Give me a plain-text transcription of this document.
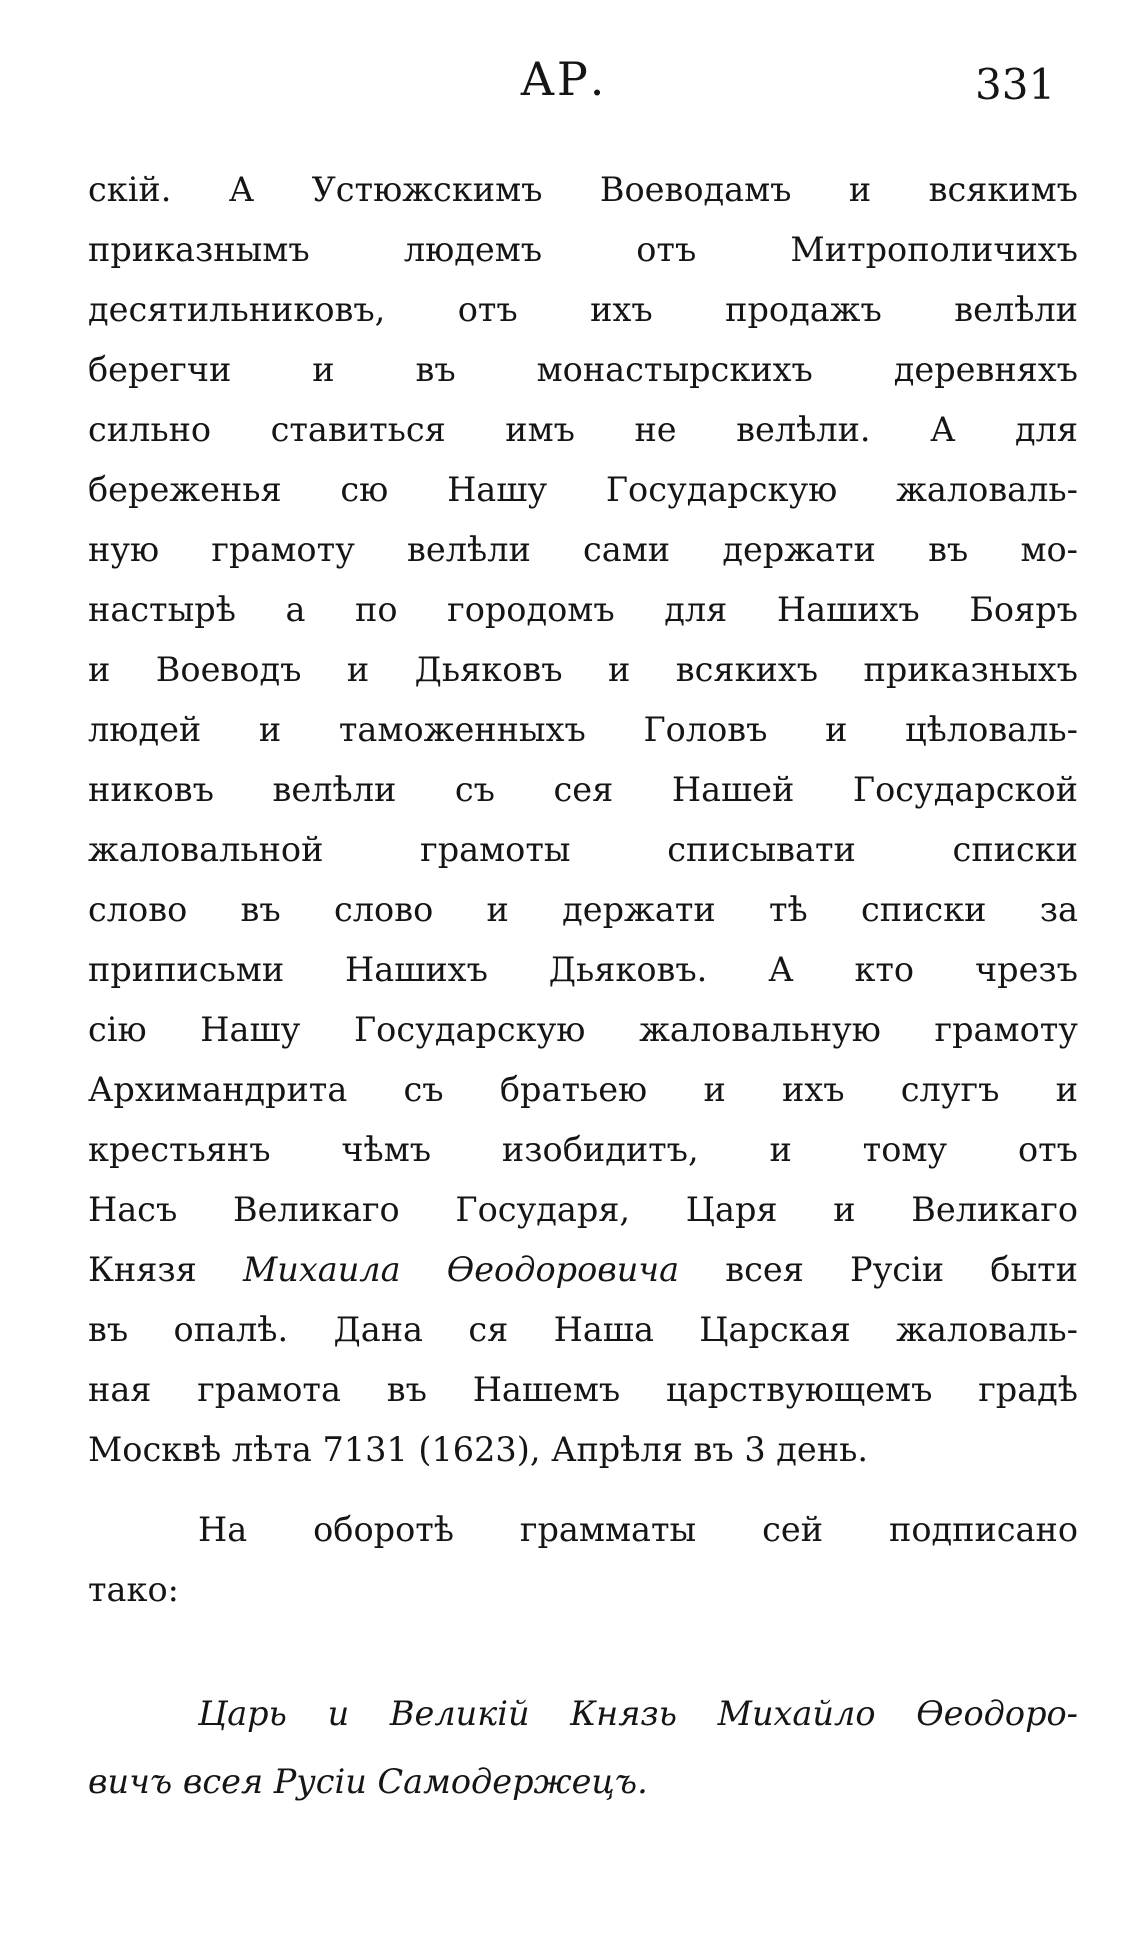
АР.	331
скій. А Устюжскимъ Воеводамъ и всякимъ
приказнымъ людемъ отъ Митрополичихъ
десятильниковъ, отъ ихъ продажъ велѣли
берегчи и въ монастырскихъ деревняхъ
сильно ставиться имъ не велѣли. А для
береженья сю Нашу Государскую жаловаль-
ную грамоту велѣли сами держати въ мо-
настырѣ а по городомъ для Нашихъ Бояръ
и Воеводъ и Дьяковъ и всякихъ приказныхъ
людей и таможенныхъ Головъ и цѣловаль-
никовъ велѣли съ сея Нашей Государской
жаловальной грамоты списывати списки
слово въ слово и держати тѣ списки за
приписьми Нашихъ Дьяковъ. А кто чрезъ
сію Нашу Государскую жаловальную грамоту
Архимандрита съ братьею и ихъ слугъ и
крестьянъ чѣмъ изобидитъ, и тому отъ
Насъ Великаго Государя, Царя и Великаго
Князя Михаила Өеодоровича всея Русіи быти
въ опалѣ. Дана ся Наша Царская жаловаль-
ная грамота въ Нашемъ царствующемъ градѣ
Москвѣ лѣта 7131 (1623), Апрѣля въ 3 день.
На оборотѣ грамматы сей подписано
тако:
Царь и Великій Князь Михайло Өеодоро-
вичъ всея Русіи Самодержецъ.
